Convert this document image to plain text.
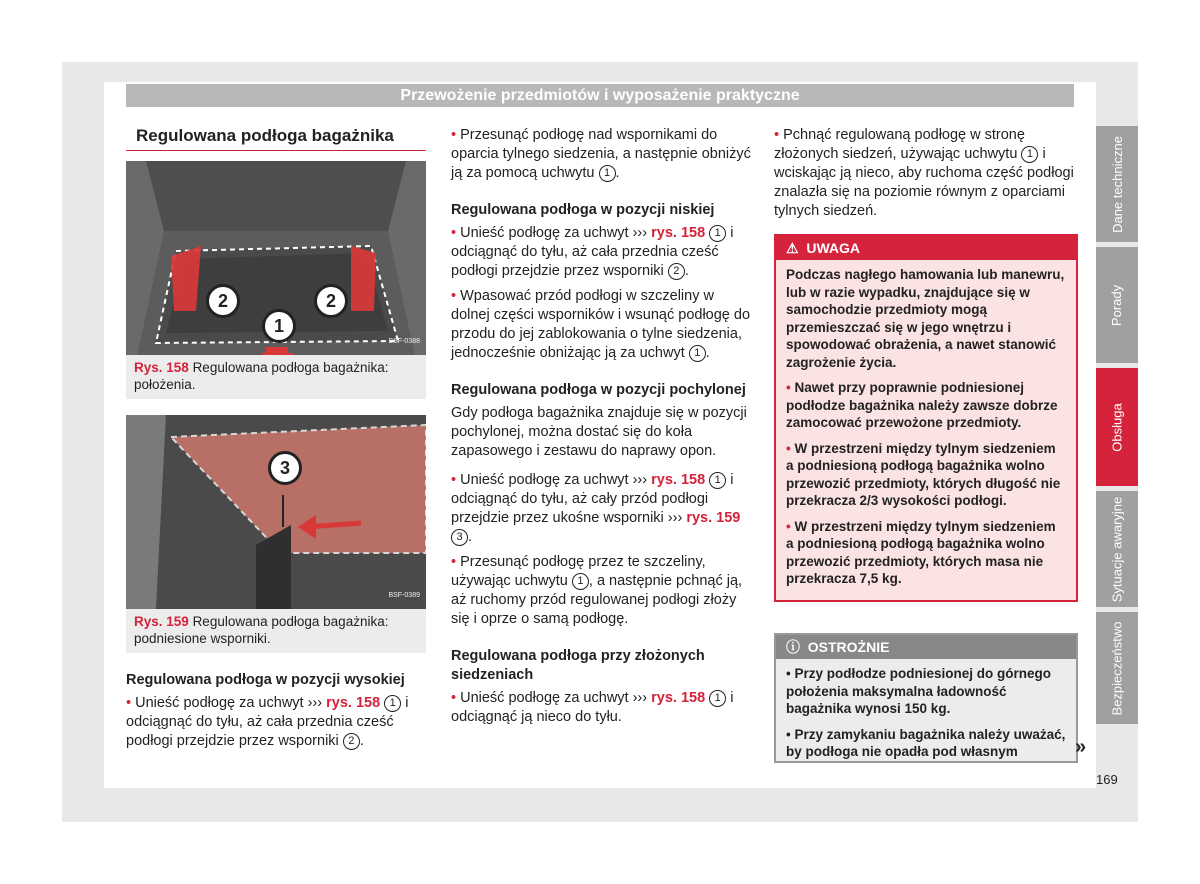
Przewożenie przedmiotów i wyposażenie praktyczne
Dane techniczne
Porady
Obsługa
Sytuacje awaryjne
Bezpieczeństwo
Regulowana podłoga bagażnika
2	2
1
BSF-0388
Rys. 158 Regulowana podłoga bagażnika: położenia.
3
BSF-0389
Rys. 159 Regulowana podłoga bagażnika: podniesione wsporniki.
Regulowana podłoga w pozycji wysokiej

• Unieść podłogę za uchwyt ››› rys. 158 1 i odciągnąć do tyłu, aż cała przednia cześć podłogi przejdzie przez wsporniki 2 .

• Przesunąć podłogę nad wspornikami do oparcia tylnego siedzenia, a następnie obniżyć ją za pomocą uchwytu 1 .

Regulowana podłoga w pozycji niskiej

• Unieść podłogę za uchwyt ››› rys. 158 1 i odciągnąć do tyłu, aż cała przednia cześć podłogi przejdzie przez wsporniki 2 .

• Wpasować przód podłogi w szczeliny w dolnej części wsporników i wsunąć podłogę do przodu do jej zablokowania o tylne siedzenia, jednocześnie obniżając ją za uchwyt 1 .

Regulowana podłoga w pozycji pochylonej

Gdy podłoga bagażnika znajduje się w pozycji pochylonej, można dostać się do koła zapasowego i zestawu do naprawy opon.

• Unieść podłogę za uchwyt ››› rys. 158 1 i odciągnąć do tyłu, aż cały przód podłogi przejdzie przez ukośne wsporniki ››› rys. 159 3 .

• Przesunąć podłogę przez te szczeliny, używając uchwytu 1 , a następnie pchnąć ją, aż ruchomy przód regulowanej podłogi złoży się i oprze o samą podłogę.

Regulowana podłoga przy złożonych siedzeniach

• Unieść podłogę za uchwyt ››› rys. 158 1 i odciągnąć ją nieco do tyłu.

• Pchnąć regulowaną podłogę w stronę złożonych siedzeń, używając uchwytu 1 i wciskając ją nieco, aby ruchoma część podłogi znalazła się na poziomie równym z oparciami tylnych siedzeń.

⚠ UWAGA

Podczas nagłego hamowania lub manewru, lub w razie wypadku, znajdujące się w samochodzie przedmioty mogą przemieszczać się w jego wnętrzu i spowodować obrażenia, a nawet stanowić zagrożenie życia.

• Nawet przy poprawnie podniesionej podłodze bagażnika należy zawsze dobrze zamocować przewożone przedmioty.

• W przestrzeni między tylnym siedzeniem a podniesioną podłogą bagażnika wolno przewozić przedmioty, których długość nie przekracza 2/3 wysokości podłogi.

• W przestrzeni między tylnym siedzeniem a podniesioną podłogą bagażnika wolno przewozić przedmioty, których masa nie przekracza 7,5 kg.

ⓘ OSTROŻNIE

• Przy podłodze podniesionej do górnego położenia maksymalna ładowność bagażnika wynosi 150 kg.

• Przy zamykaniu bagażnika należy uważać, by podłoga nie opadła pod własnym	»
169
